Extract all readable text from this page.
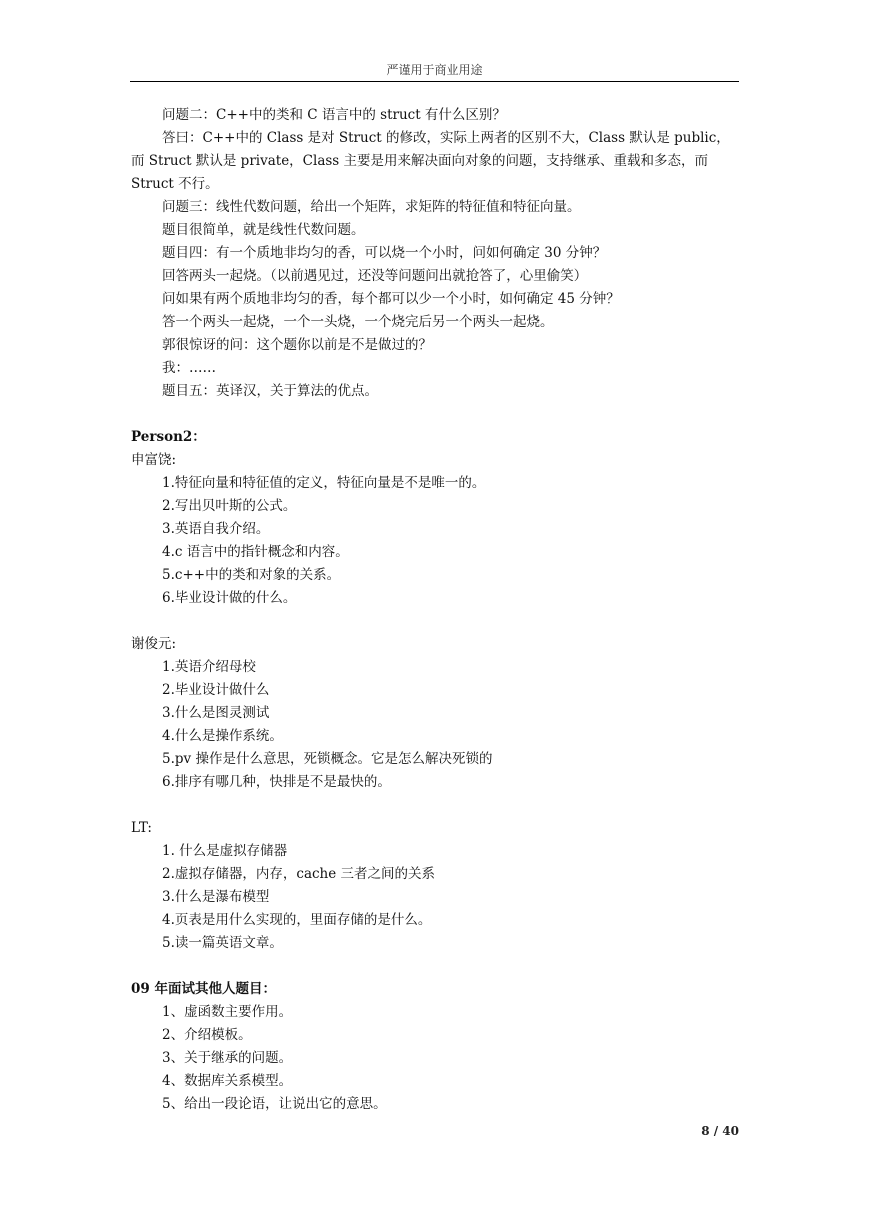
严谨用于商业用途

问题二：C++中的类和 C 语言中的 struct 有什么区别？

答曰：C++中的 Class 是对 Struct 的修改，实际上两者的区别不大，Class 默认是 public，而 Struct 默认是 private，Class 主要是用来解决面向对象的问题，支持继承、重载和多态，而 Struct 不行。

问题三：线性代数问题，给出一个矩阵，求矩阵的特征值和特征向量。

题目很简单，就是线性代数问题。

题目四：有一个质地非均匀的香，可以烧一个小时，问如何确定 30 分钟？

回答两头一起烧。（以前遇见过，还没等问题问出就抢答了，心里偷笑）

问如果有两个质地非均匀的香，每个都可以少一个小时，如何确定 45 分钟？

答一个两头一起烧，一个一头烧，一个烧完后另一个两头一起烧。

郭很惊讶的问：这个题你以前是不是做过的？

我：……

题目五：英译汉，关于算法的优点。

Person2：

申富饶:

1.特征向量和特征值的定义，特征向量是不是唯一的。

2.写出贝叶斯的公式。

3.英语自我介绍。

4.c 语言中的指针概念和内容。

5.c++中的类和对象的关系。

6.毕业设计做的什么。

谢俊元:

1.英语介绍母校

2.毕业设计做什么

3.什么是图灵测试

4.什么是操作系统。

5.pv 操作是什么意思，死锁概念。它是怎么解决死锁的

6.排序有哪几种，快排是不是最快的。

LT:

1. 什么是虚拟存储器

2.虚拟存储器，内存，cache 三者之间的关系

3.什么是瀑布模型

4.页表是用什么实现的，里面存储的是什么。

5.读一篇英语文章。

09 年面试其他人题目：

1、虚函数主要作用。

2、介绍模板。

3、关于继承的问题。

4、数据库关系模型。

5、给出一段论语，让说出它的意思。

8 / 40
